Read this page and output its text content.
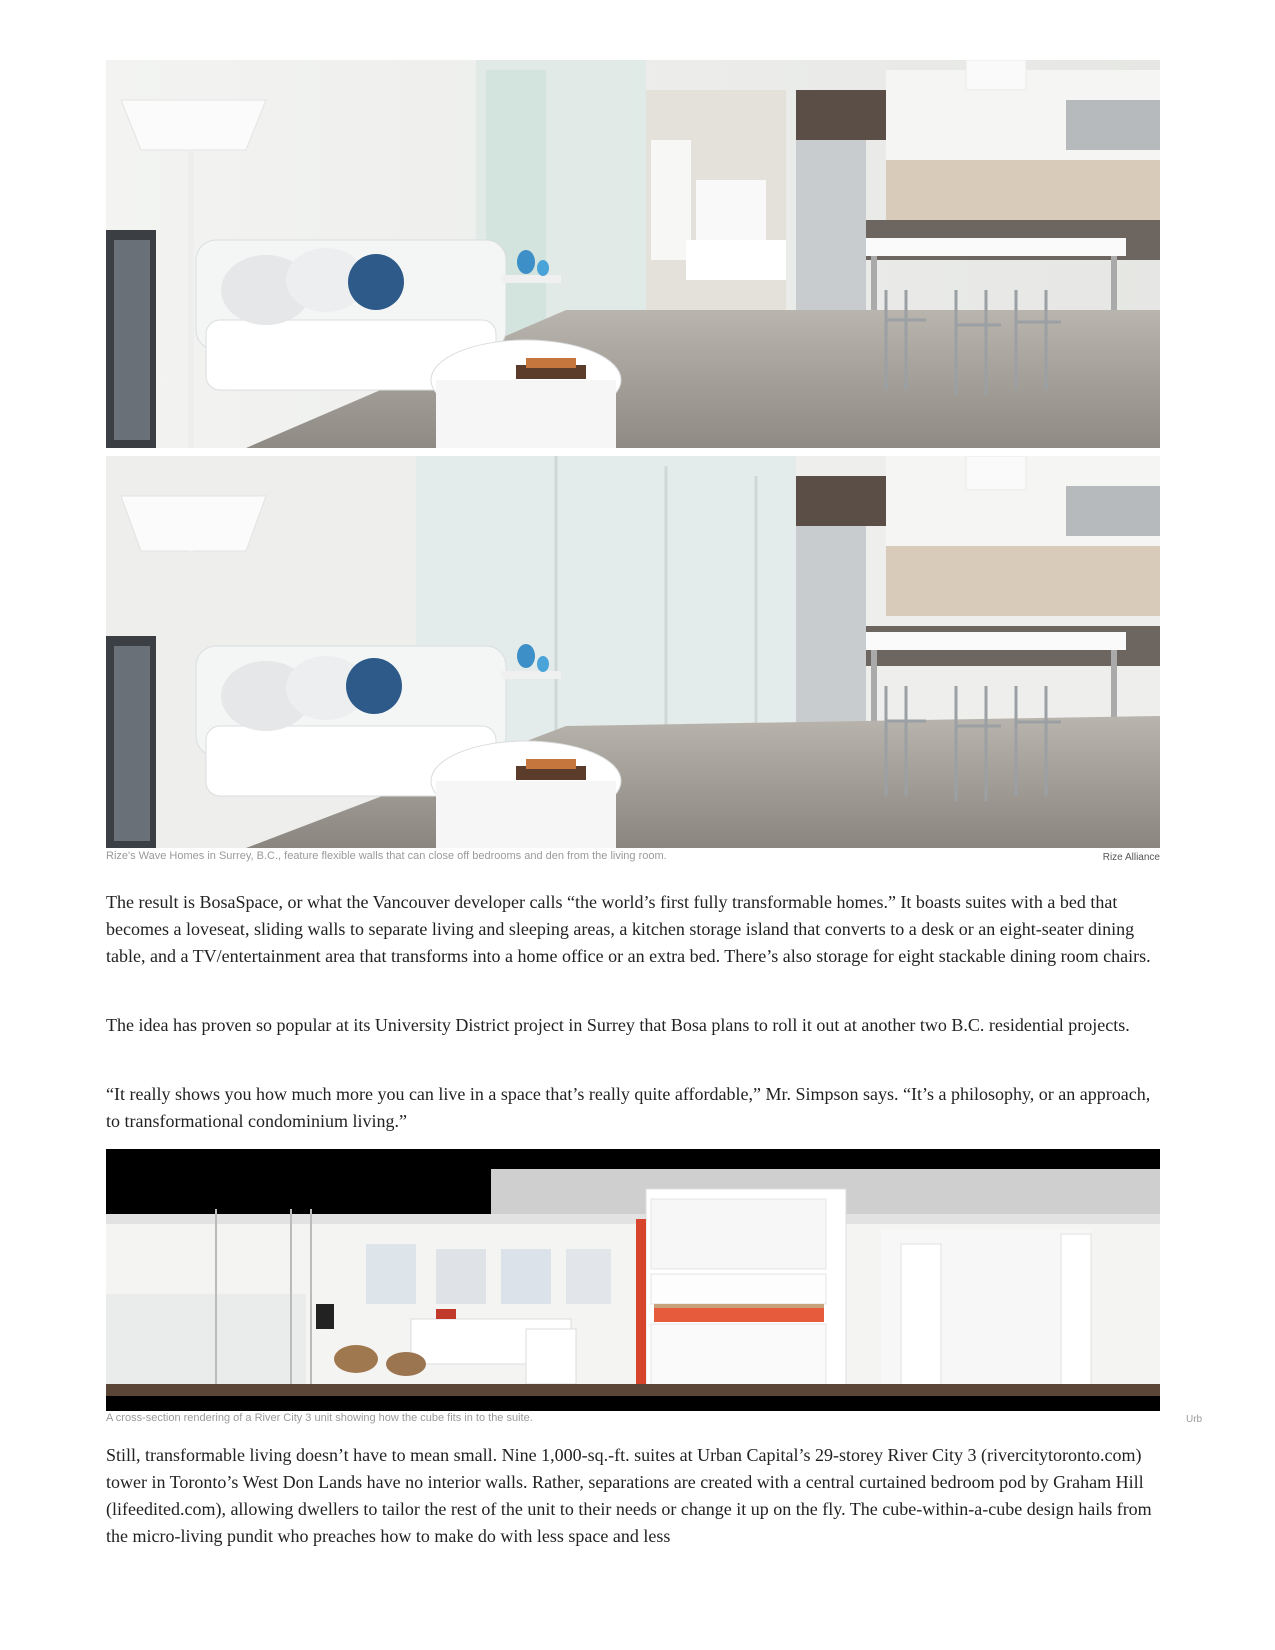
Rize's Wave Homes in Surrey, B.C., feature flexible walls that can close off bedrooms and den from the living room.	Rize Alliance

The result is BosaSpace, or what the Vancouver developer calls “the world’s first fully transformable homes.” It boasts suites with a bed that becomes a loveseat, sliding walls to separate living and sleeping areas, a kitchen storage island that converts to a desk or an eight-seater dining table, and a TV/entertainment area that transforms into a home office or an extra bed. There’s also storage for eight stackable dining room chairs.

The idea has proven so popular at its University District project in Surrey that Bosa plans to roll it out at another two B.C. residential projects.

“It really shows you how much more you can live in a space that’s really quite affordable,” Mr. Simpson says. “It’s a philosophy, or an approach, to transformational condominium living.”

A cross-section rendering of a River City 3 unit showing how the cube fits in to the suite.	Urb

Still, transformable living doesn’t have to mean small. Nine 1,000-sq.-ft. suites at Urban Capital’s 29-storey River City 3 (rivercitytoronto.com) tower in Toronto’s West Don Lands have no interior walls. Rather, separations are created with a central curtained bedroom pod by Graham Hill (lifeedited.com), allowing dwellers to tailor the rest of the unit to their needs or change it up on the fly. The cube-within-a-cube design hails from the micro-living pundit who preaches how to make do with less space and less
